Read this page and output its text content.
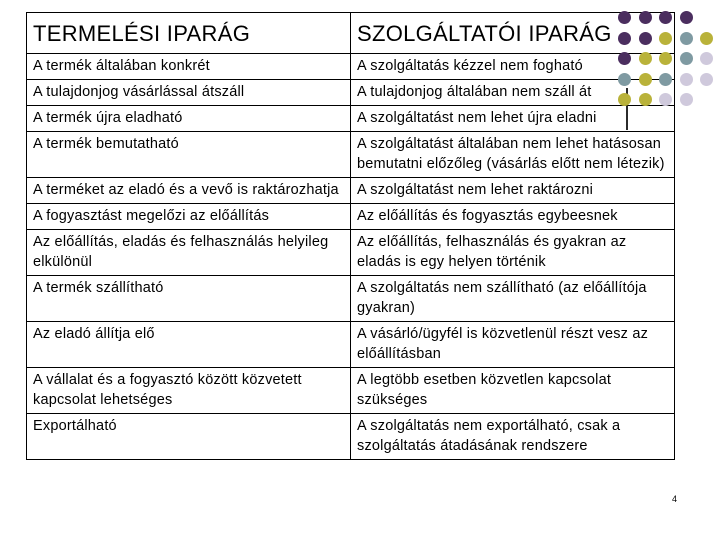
TERMELÉSI IPARÁG	SZOLGÁLTATÓI IPARÁG
A termék általában konkrét	A szolgáltatás kézzel nem fogható
A tulajdonjog vásárlással átszáll	A tulajdonjog általában nem száll át
A termék újra eladható	A szolgáltatást nem lehet újra eladni
A termék bemutatható	A szolgáltatást általában nem lehet hatásosan bemutatni előzőleg (vásárlás előtt nem létezik)
A terméket az eladó és a vevő is raktározhatja	A szolgáltatást nem lehet raktározni
A fogyasztást megelőzi az előállítás	Az előállítás és fogyasztás egybeesnek
Az előállítás, eladás és felhasználás helyileg elkülönül	Az előállítás, felhasználás és gyakran az eladás is egy helyen történik
A termék szállítható	A szolgáltatás nem szállítható (az előállítója gyakran)
Az eladó állítja elő	A vásárló/ügyfél is közvetlenül részt vesz az előállításban
A vállalat és a fogyasztó között közvetett kapcsolat lehetséges	A legtöbb esetben közvetlen kapcsolat szükséges
Exportálható	A szolgáltatás nem exportálható, csak a szolgáltatás átadásának rendszere
4
